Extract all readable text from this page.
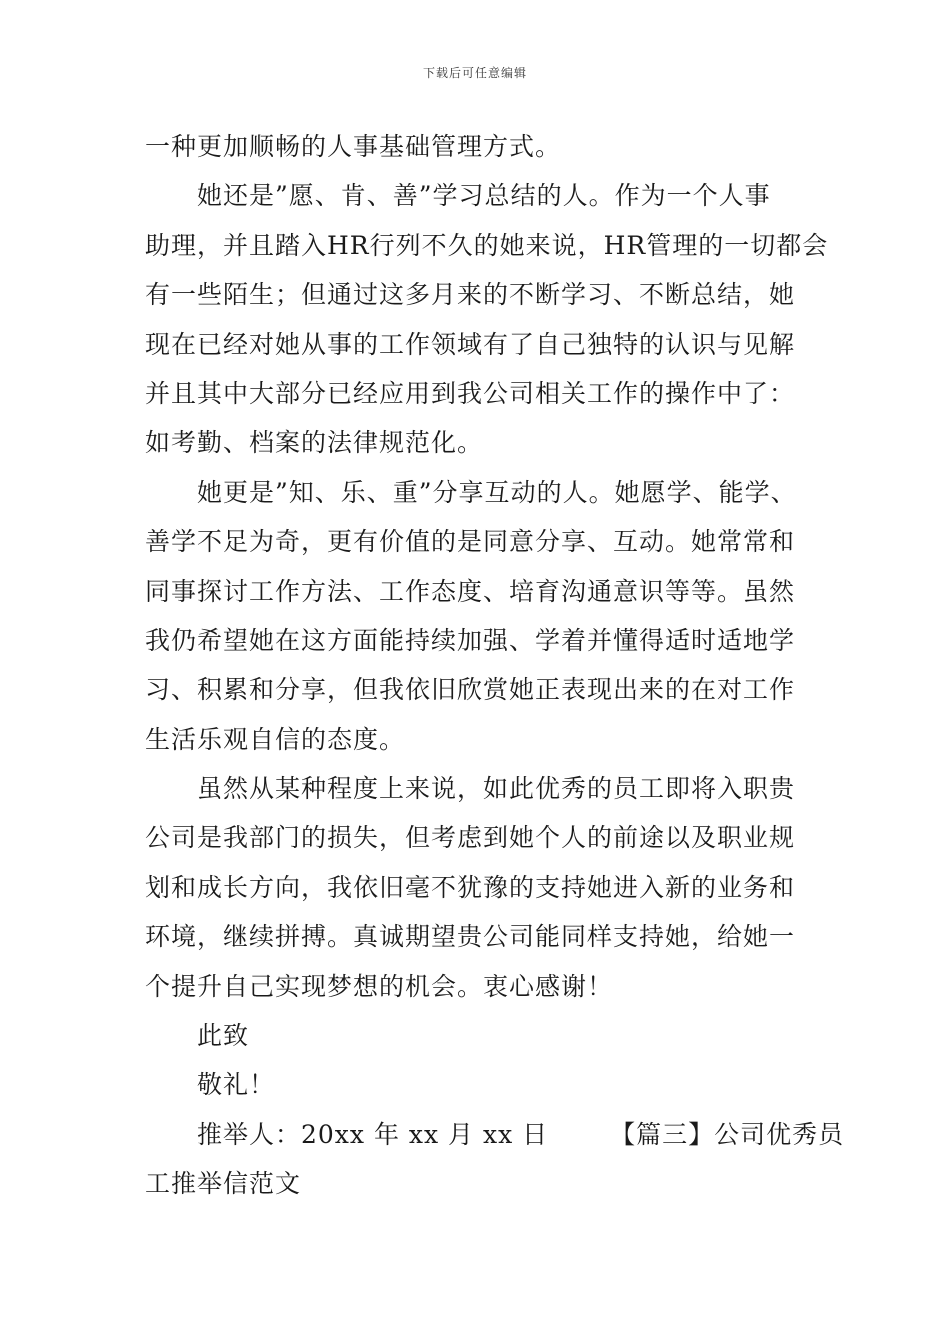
下载后可任意编辑
一种更加顺畅的人事基础管理方式。
她还是”愿、肯、善”学习总结的人。作为一个人事
助理，并且踏入HR行列不久的她来说，HR管理的一切都会
有一些陌生；但通过这多月来的不断学习、不断总结，她
现在已经对她从事的工作领域有了自己独特的认识与见解
并且其中大部分已经应用到我公司相关工作的操作中了：
如考勤、档案的法律规范化。
她更是”知、乐、重”分享互动的人。她愿学、能学、
善学不足为奇，更有价值的是同意分享、互动。她常常和
同事探讨工作方法、工作态度、培育沟通意识等等。虽然
我仍希望她在这方面能持续加强、学着并懂得适时适地学
习、积累和分享，但我依旧欣赏她正表现出来的在对工作
生活乐观自信的态度。
虽然从某种程度上来说，如此优秀的员工即将入职贵
公司是我部门的损失，但考虑到她个人的前途以及职业规
划和成长方向，我依旧毫不犹豫的支持她进入新的业务和
环境，继续拼搏。真诚期望贵公司能同样支持她，给她一
个提升自己实现梦想的机会。衷心感谢！
此致
敬礼！
推举人：20xx 年 xx 月 xx 日 【篇三】公司优秀员
工推举信范文
